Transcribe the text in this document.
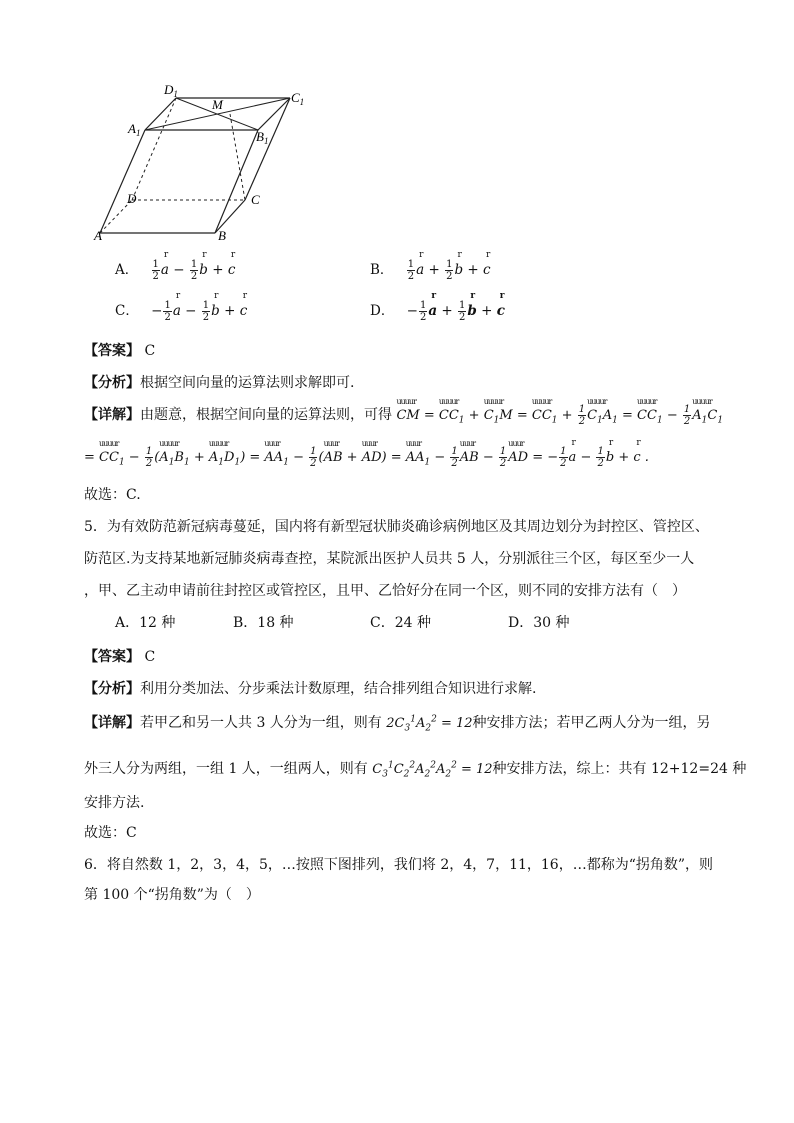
$D_1$
M	$C_1$
$A_1$	$B_1$
D	C
A	B
A． $\frac{1}{2}$ r $a - \frac{1}{2}$ r b + r c	B． $\frac{1}{2}$ r $a + \frac{1}{2}$ r b + r c
C． − $\frac{1}{2}$ r $a - \frac{1}{2}$ r b + r c	D． − $\frac{1}{2}$ r $a + \frac{1}{2}$ r b + r c
【答案】 C
【分析】根据空间向量的运算法则求解即可.
【详解】由题意，根据空间向量的运算法则，可得 uuuur CM = uuuur $CC_1$ + uuuur $C_1M$ = uuuur $CC_1 + \frac{1}{2}$ uuuur $C_1A_1$ = uuuur $CC_1 - \frac{1}{2}$ uuuur $A_1C_1$
= uuuur $CC_1 - \frac{1}{2}$ (uuuur $A_1B_1$ + uuuur $A_1D_1$) = uuur $AA_1 - \frac{1}{2}$ (uuur AB + uuur AD) = uuur $AA_1 - \frac{1}{2}$ uuur AB − $\frac{1}{2}$ uuur AD = − $\frac{1}{2}$ r $a - \frac{1}{2}$ r b + r c .
故选：C.
5．为有效防范新冠病毒蔓延，国内将有新型冠状肺炎确诊病例地区及其周边划分为封控区、管控区、
防范区.为支持某地新冠肺炎病毒查控，某院派出医护人员共 5 人，分别派往三个区，每区至少一人
，甲、乙主动申请前往封控区或管控区，且甲、乙恰好分在同一个区，则不同的安排方法有（　）
A．12 种	B．18 种	C．24 种	D．30 种
【答案】 C
【分析】利用分类加法、分步乘法计数原理，结合排列组合知识进行求解.
【详解】若甲乙和另一人共 3 人分为一组，则有 $2C_3^1A_2^2 = 12$种安排方法；若甲乙两人分为一组，另
外三人分为两组，一组 1 人，一组两人，则有 $C_3^1C_2^2A_2^2A_2^2 = 12$种安排方法，综上：共有 12+12=24 种
安排方法.
故选：C
6．将自然数 1，2，3，4，5，…按照下图排列，我们将 2，4，7，11，16，…都称为“拐角数”，则
第 100 个“拐角数”为（　）
